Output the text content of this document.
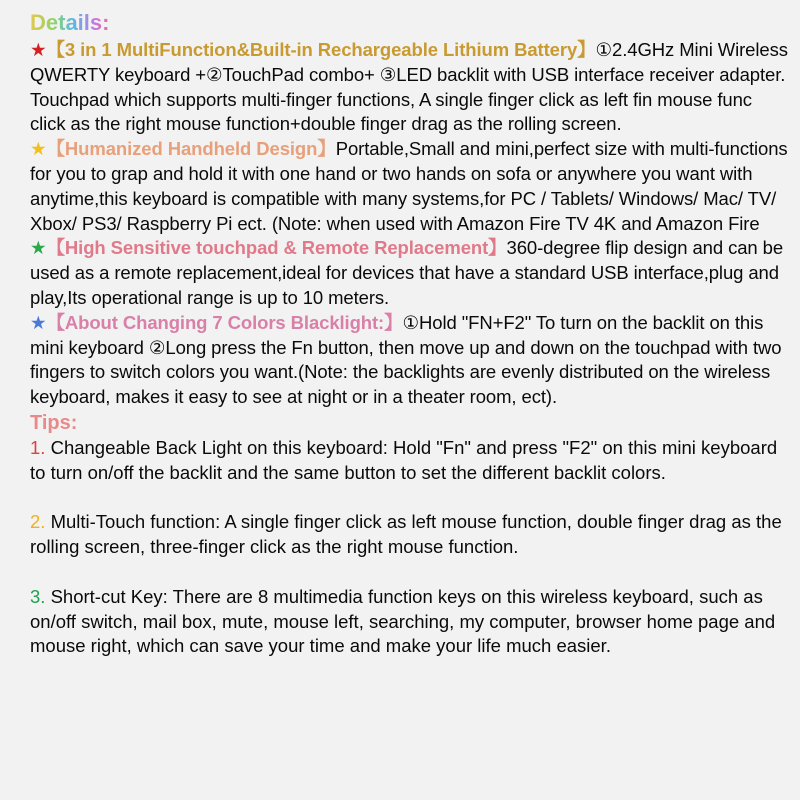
Details:

★【3 in 1 MultiFunction&Built-in Rechargeable Lithium Battery】①2.4GHz Mini Wireless QWERTY keyboard +②TouchPad combo+ ③LED backlit with USB interface receiver adapter. Touchpad which supports multi-finger functions, A single finger click as left fin mouse func click as the right mouse function+double finger drag as the rolling screen.

★【Humanized Handheld Design】Portable,Small and mini,perfect size with multi-functions for you to grap and hold it with one hand or two hands on sofa or anywhere you want with anytime,this keyboard is compatible with many systems,for PC / Tablets/ Windows/ Mac/ TV/ Xbox/ PS3/ Raspberry Pi ect. (Note: when used with Amazon Fire TV 4K and Amazon Fire

★【High Sensitive touchpad & Remote Replacement】360-degree flip design and can be used as a remote replacement,ideal for devices that have a standard USB interface,plug and play,Its operational range is up to 10 meters.

★【About Changing 7 Colors Blacklight:】①Hold "FN+F2" To turn on the backlit on this mini keyboard ②Long press the Fn button, then move up and down on the touchpad with two fingers to switch colors you want.(Note: the backlights are evenly distributed on the wireless keyboard, makes it easy to see at night or in a theater room, ect).

Tips:

1. Changeable Back Light on this keyboard: Hold "Fn" and press "F2" on this mini keyboard to turn on/off the backlit and the same button to set the different backlit colors.

2. Multi-Touch function: A single finger click as left mouse function, double finger drag as the rolling screen, three-finger click as the right mouse function.

3. Short-cut Key: There are 8 multimedia function keys on this wireless keyboard, such as on/off switch, mail box, mute, mouse left, searching, my computer, browser home page and mouse right, which can save your time and make your life much easier.
